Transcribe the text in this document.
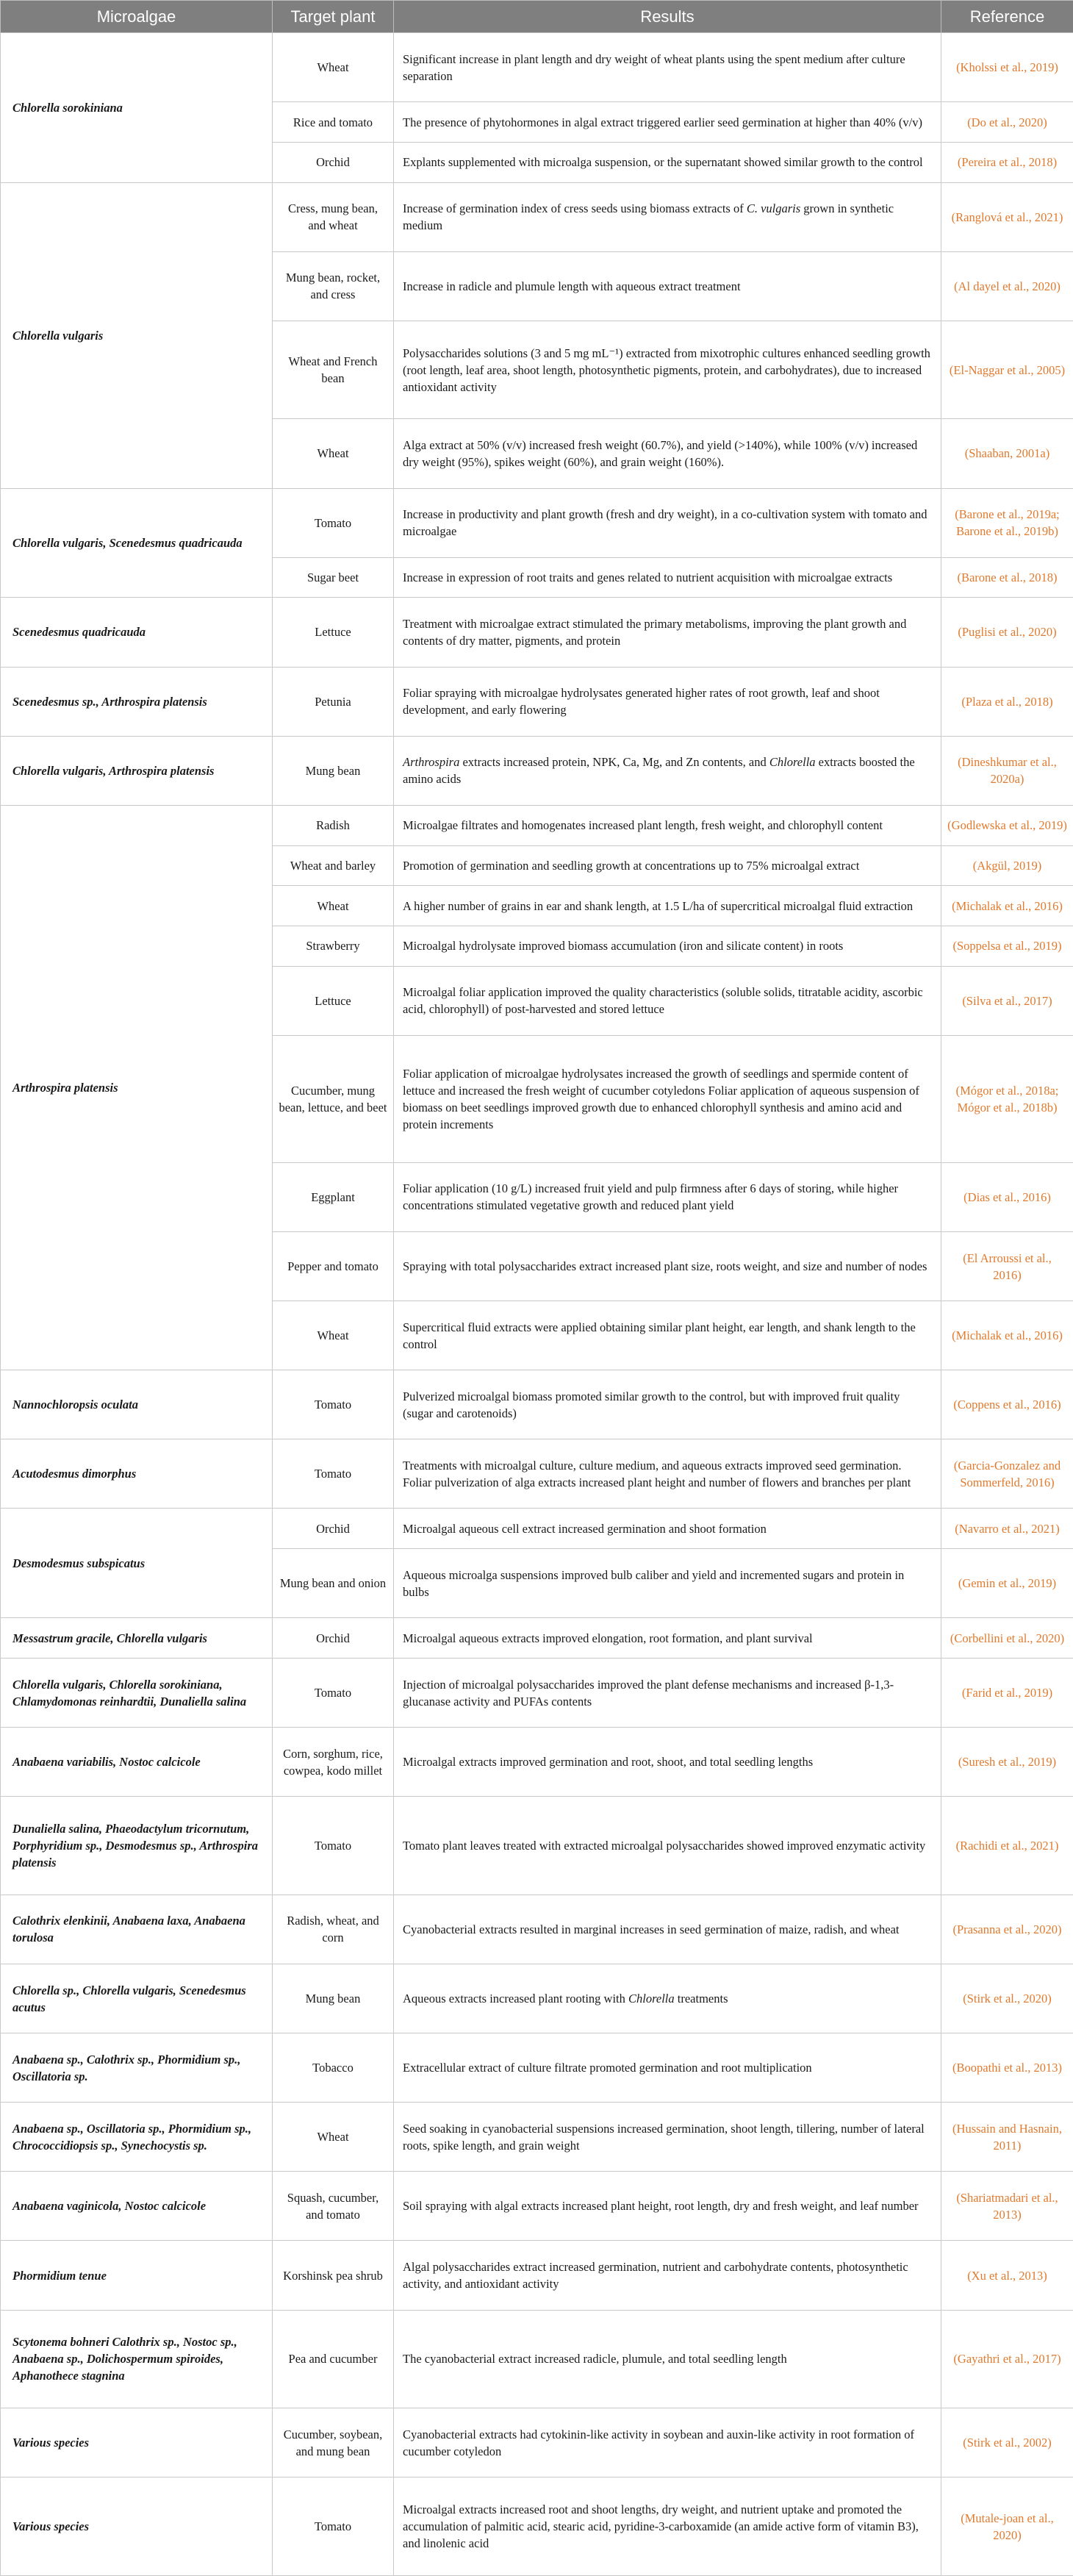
Microalgae	Target plant	Results	Reference
Chlorella sorokiniana	Wheat	Significant increase in plant length and dry weight of wheat plants using the spent medium after culture separation	(Kholssi et al., 2019)
	Rice and tomato	The presence of phytohormones in algal extract triggered earlier seed germination at higher than 40% (v/v)	(Do et al., 2020)
	Orchid	Explants supplemented with microalga suspension, or the supernatant showed similar growth to the control	(Pereira et al., 2018)
Chlorella vulgaris	Cress, mung bean, and wheat	Increase of germination index of cress seeds using biomass extracts of C. vulgaris grown in synthetic medium	(Ranglová et al., 2021)
	Mung bean, rocket, and cress	Increase in radicle and plumule length with aqueous extract treatment	(Al dayel et al., 2020)
	Wheat and French bean	Polysaccharides solutions (3 and 5 mg mL⁻¹) extracted from mixotrophic cultures enhanced seedling growth (root length, leaf area, shoot length, photosynthetic pigments, protein, and carbohydrates), due to increased antioxidant activity	(El-Naggar et al., 2005)
	Wheat	Alga extract at 50% (v/v) increased fresh weight (60.7%), and yield (>140%), while 100% (v/v) increased dry weight (95%), spikes weight (60%), and grain weight (160%).	(Shaaban, 2001a)
Chlorella vulgaris, Scenedesmus quadricauda	Tomato	Increase in productivity and plant growth (fresh and dry weight), in a co-cultivation system with tomato and microalgae	(Barone et al., 2019a; Barone et al., 2019b)
	Sugar beet	Increase in expression of root traits and genes related to nutrient acquisition with microalgae extracts	(Barone et al., 2018)
Scenedesmus quadricauda	Lettuce	Treatment with microalgae extract stimulated the primary metabolisms, improving the plant growth and contents of dry matter, pigments, and protein	(Puglisi et al., 2020)
Scenedesmus sp., Arthrospira platensis	Petunia	Foliar spraying with microalgae hydrolysates generated higher rates of root growth, leaf and shoot development, and early flowering	(Plaza et al., 2018)
Chlorella vulgaris, Arthrospira platensis	Mung bean	Arthrospira extracts increased protein, NPK, Ca, Mg, and Zn contents, and Chlorella extracts boosted the amino acids	(Dineshkumar et al., 2020a)
Arthrospira platensis	Radish	Microalgae filtrates and homogenates increased plant length, fresh weight, and chlorophyll content	(Godlewska et al., 2019)
	Wheat and barley	Promotion of germination and seedling growth at concentrations up to 75% microalgal extract	(Akgül, 2019)
	Wheat	A higher number of grains in ear and shank length, at 1.5 L/ha of supercritical microalgal fluid extraction	(Michalak et al., 2016)
	Strawberry	Microalgal hydrolysate improved biomass accumulation (iron and silicate content) in roots	(Soppelsa et al., 2019)
	Lettuce	Microalgal foliar application improved the quality characteristics (soluble solids, titratable acidity, ascorbic acid, chlorophyll) of post-harvested and stored lettuce	(Silva et al., 2017)
	Cucumber, mung bean, lettuce, and beet	Foliar application of microalgae hydrolysates increased the growth of seedlings and spermide content of lettuce and increased the fresh weight of cucumber cotyledons Foliar application of aqueous suspension of biomass on beet seedlings improved growth due to enhanced chlorophyll synthesis and amino acid and protein increments	(Mógor et al., 2018a; Mógor et al., 2018b)
	Eggplant	Foliar application (10 g/L) increased fruit yield and pulp firmness after 6 days of storing, while higher concentrations stimulated vegetative growth and reduced plant yield	(Dias et al., 2016)
	Pepper and tomato	Spraying with total polysaccharides extract increased plant size, roots weight, and size and number of nodes	(El Arroussi et al., 2016)
	Wheat	Supercritical fluid extracts were applied obtaining similar plant height, ear length, and shank length to the control	(Michalak et al., 2016)
Nannochloropsis oculata	Tomato	Pulverized microalgal biomass promoted similar growth to the control, but with improved fruit quality (sugar and carotenoids)	(Coppens et al., 2016)
Acutodesmus dimorphus	Tomato	Treatments with microalgal culture, culture medium, and aqueous extracts improved seed germination. Foliar pulverization of alga extracts increased plant height and number of flowers and branches per plant	(Garcia-Gonzalez and Sommerfeld, 2016)
Desmodesmus subspicatus	Orchid	Microalgal aqueous cell extract increased germination and shoot formation	(Navarro et al., 2021)
	Mung bean and onion	Aqueous microalga suspensions improved bulb caliber and yield and incremented sugars and protein in bulbs	(Gemin et al., 2019)
Messastrum gracile, Chlorella vulgaris	Orchid	Microalgal aqueous extracts improved elongation, root formation, and plant survival	(Corbellini et al., 2020)
Chlorella vulgaris, Chlorella sorokiniana, Chlamydomonas reinhardtii, Dunaliella salina	Tomato	Injection of microalgal polysaccharides improved the plant defense mechanisms and increased β-1,3-glucanase activity and PUFAs contents	(Farid et al., 2019)
Anabaena variabilis, Nostoc calcicole	Corn, sorghum, rice, cowpea, kodo millet	Microalgal extracts improved germination and root, shoot, and total seedling lengths	(Suresh et al., 2019)
Dunaliella salina, Phaeodactylum tricornutum, Porphyridium sp., Desmodesmus sp., Arthrospira platensis	Tomato	Tomato plant leaves treated with extracted microalgal polysaccharides showed improved enzymatic activity	(Rachidi et al., 2021)
Calothrix elenkinii, Anabaena laxa, Anabaena torulosa	Radish, wheat, and corn	Cyanobacterial extracts resulted in marginal increases in seed germination of maize, radish, and wheat	(Prasanna et al., 2020)
Chlorella sp., Chlorella vulgaris, Scenedesmus acutus	Mung bean	Aqueous extracts increased plant rooting with Chlorella treatments	(Stirk et al., 2020)
Anabaena sp., Calothrix sp., Phormidium sp., Oscillatoria sp.	Tobacco	Extracellular extract of culture filtrate promoted germination and root multiplication	(Boopathi et al., 2013)
Anabaena sp., Oscillatoria sp., Phormidium sp., Chrococcidiopsis sp., Synechocystis sp.	Wheat	Seed soaking in cyanobacterial suspensions increased germination, shoot length, tillering, number of lateral roots, spike length, and grain weight	(Hussain and Hasnain, 2011)
Anabaena vaginicola, Nostoc calcicole	Squash, cucumber, and tomato	Soil spraying with algal extracts increased plant height, root length, dry and fresh weight, and leaf number	(Shariatmadari et al., 2013)
Phormidium tenue	Korshinsk pea shrub	Algal polysaccharides extract increased germination, nutrient and carbohydrate contents, photosynthetic activity, and antioxidant activity	(Xu et al., 2013)
Scytonema bohneri Calothrix sp., Nostoc sp., Anabaena sp., Dolichospermum spiroides, Aphanothece stagnina	Pea and cucumber	The cyanobacterial extract increased radicle, plumule, and total seedling length	(Gayathri et al., 2017)
Various species	Cucumber, soybean, and mung bean	Cyanobacterial extracts had cytokinin-like activity in soybean and auxin-like activity in root formation of cucumber cotyledon	(Stirk et al., 2002)
Various species	Tomato	Microalgal extracts increased root and shoot lengths, dry weight, and nutrient uptake and promoted the accumulation of palmitic acid, stearic acid, pyridine-3-carboxamide (an amide active form of vitamin B3), and linolenic acid	(Mutale-joan et al., 2020)
